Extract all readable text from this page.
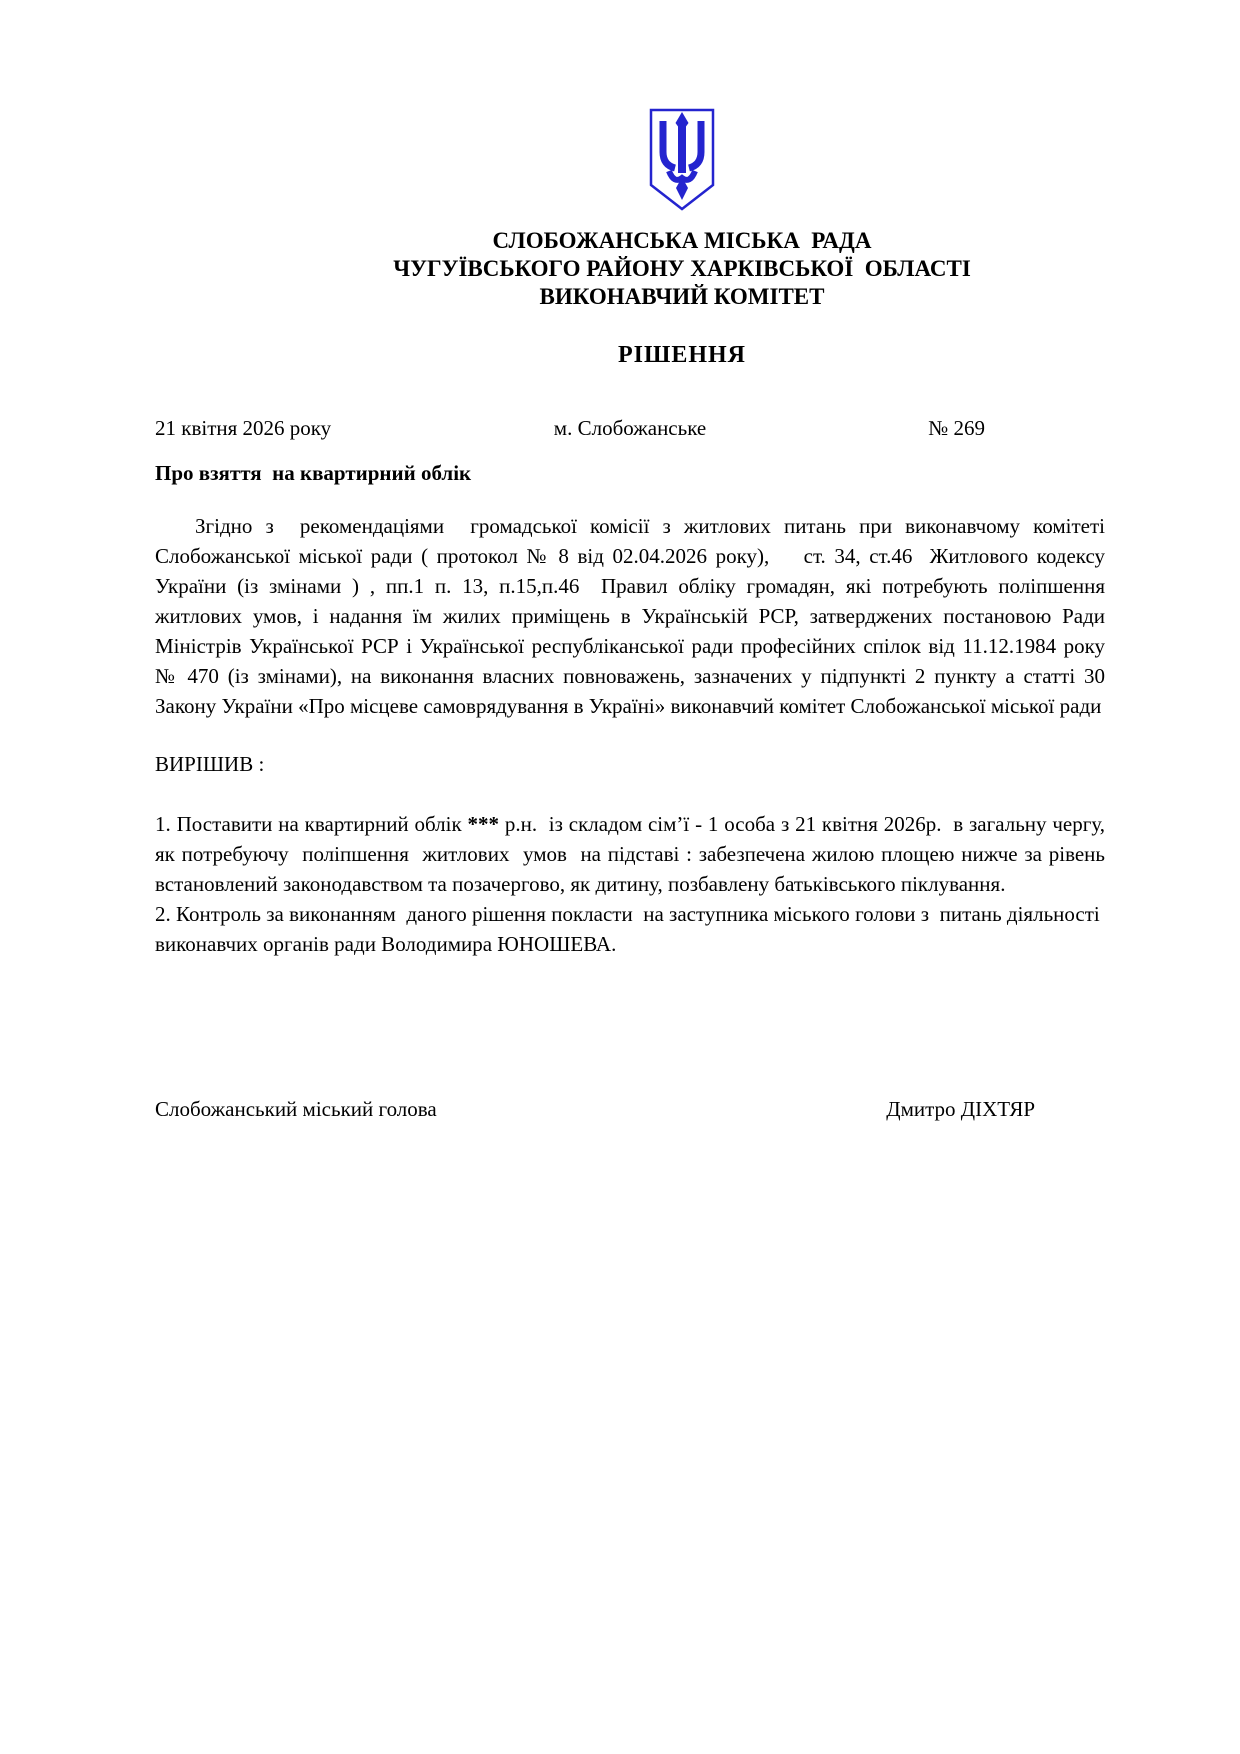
СЛОБОЖАНСЬКА МІСЬКА  РАДА
ЧУГУЇВСЬКОГО РАЙОНУ ХАРКІВСЬКОЇ  ОБЛАСТІ
ВИКОНАВЧИЙ КОМІТЕТ
РІШЕННЯ
21 квітня 2026 року	м. Слобожанське	№ 269
Про взяття  на квартирний облік

Згідно з  рекомендаціями  громадської комісії з житлових питань при виконавчому комітеті Слобожанської міської ради ( протокол № 8 від 02.04.2026 року),    ст. 34, ст.46  Житлового кодексу України (із змінами ) , пп.1 п. 13, п.15,п.46  Правил обліку громадян, які потребують поліпшення житлових умов, і надання їм жилих приміщень в Українській РСР, затверджених постановою Ради Міністрів Української РСР і Української республіканської ради професійних спілок від 11.12.1984 року № 470 (із змінами), на виконання власних повноважень, зазначених у підпункті 2 пункту а статті 30 Закону України «Про місцеве самоврядування в Україні» виконавчий комітет Слобожанської міської ради

ВИРІШИВ :

1. Поставити на квартирний облік *** р.н.  із складом сім’ї - 1 особа з 21 квітня 2026р.  в загальну чергу, як потребуючу  поліпшення  житлових  умов  на підставі : забезпечена жилою площею нижче за рівень встановлений законодавством та позачергово, як дитину, позбавлену батьківського піклування.

2. Контроль за виконанням  даного рішення покласти  на заступника міського голови з  питань діяльності  виконавчих органів ради Володимира ЮНОШЕВА.

Слобожанський міський голова	Дмитро ДІХТЯР
